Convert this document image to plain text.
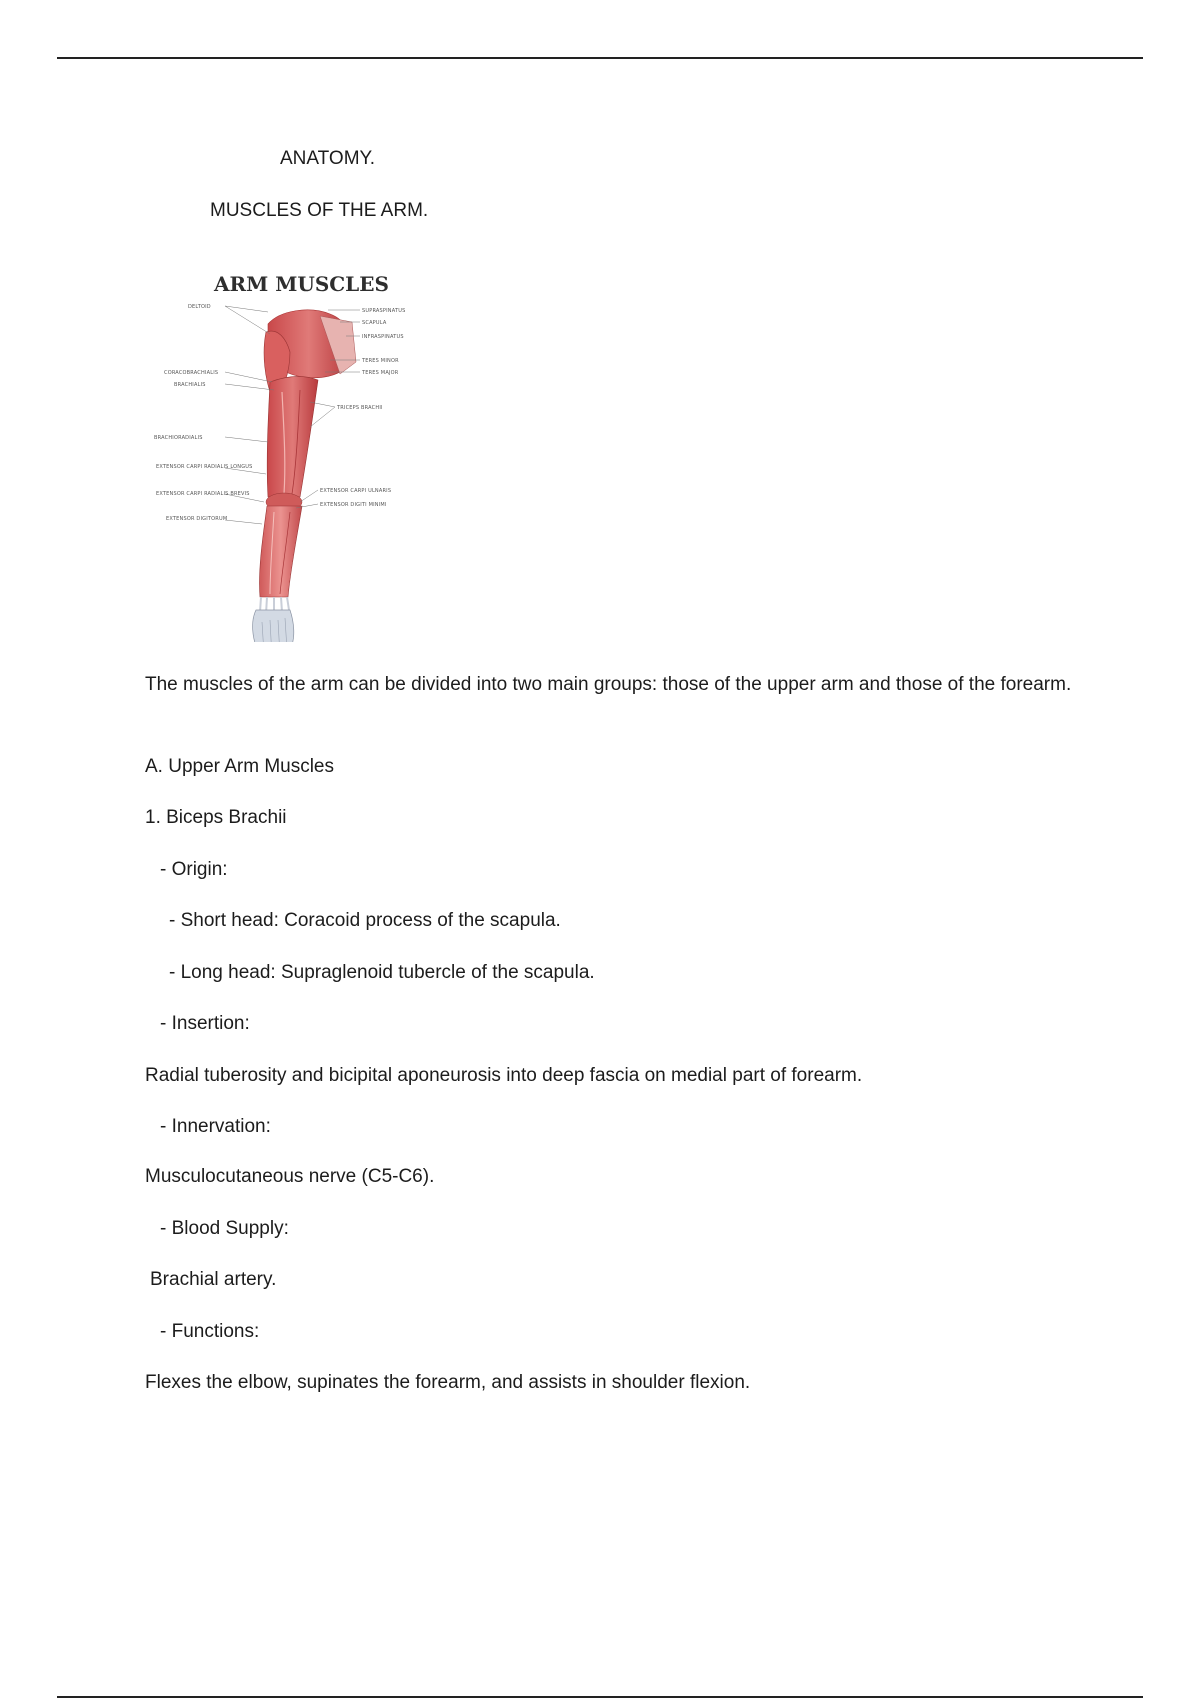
ANATOMY.
MUSCLES OF THE ARM.
ARM MUSCLES
DELTOID
CORACOBRACHIALIS
BRACHIALIS
BRACHIORADIALIS
EXTENSOR CARPI RADIALIS LONGUS
EXTENSOR CARPI RADIALIS BREVIS
EXTENSOR DIGITORUM
SUPRASPINATUS
SCAPULA
INFRASPINATUS
TERES MINOR
TERES MAJOR
TRICEPS BRACHII
EXTENSOR CARPI ULNARIS
EXTENSOR DIGITI MINIMI
The muscles of the arm can be divided into two main groups: those of the upper arm and those of the forearm.
A. Upper Arm Muscles
1. Biceps Brachii
- Origin:
- Short head: Coracoid process of the scapula.
- Long head: Supraglenoid tubercle of the scapula.
- Insertion:
Radial tuberosity and bicipital aponeurosis into deep fascia on medial part of forearm.
- Innervation:
Musculocutaneous nerve (C5-C6).
- Blood Supply:
Brachial artery.
- Functions:
Flexes the elbow, supinates the forearm, and assists in shoulder flexion.
